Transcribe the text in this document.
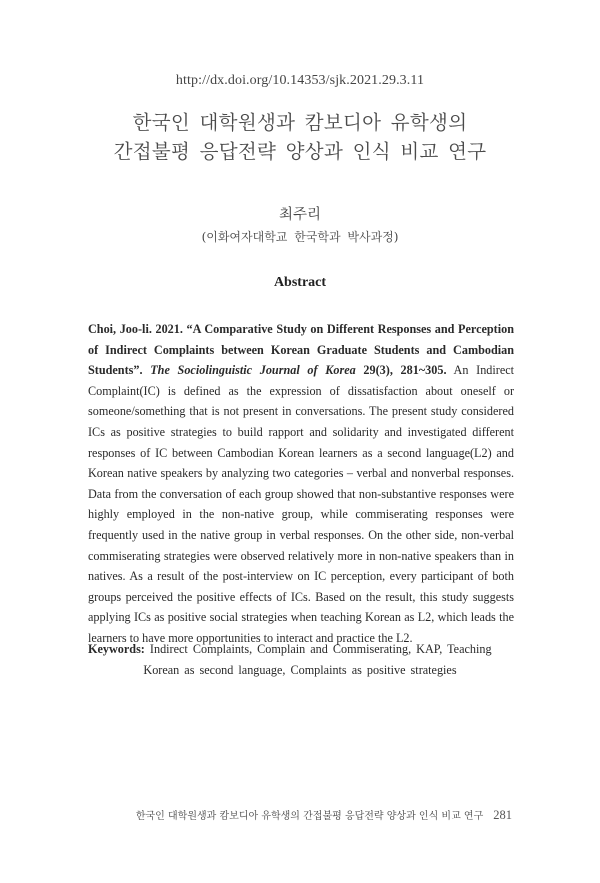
http://dx.doi.org/10.14353/sjk.2021.29.3.11
한국인 대학원생과 캄보디아 유학생의
간접불평 응답전략 양상과 인식 비교 연구
최주리
(이화여자대학교 한국학과 박사과정)
Abstract

Choi, Joo-li. 2021. “A Comparative Study on Different Responses and Perception of Indirect Complaints between Korean Graduate Students and Cambodian Students”. The Sociolinguistic Journal of Korea 29(3), 281~305. An Indirect Complaint(IC) is defined as the expression of dissatisfaction about oneself or someone/something that is not present in conversations. The present study considered ICs as positive strategies to build rapport and solidarity and investigated different responses of IC between Cambodian Korean learners as a second language(L2) and Korean native speakers by analyzing two categories – verbal and nonverbal responses. Data from the conversation of each group showed that non-substantive responses were highly employed in the non-native group, while commiserating responses were frequently used in the native group in verbal responses. On the other side, non-verbal commiserating strategies were observed relatively more in non-native speakers than in natives. As a result of the post-interview on IC perception, every participant of both groups perceived the positive effects of ICs. Based on the result, this study suggests applying ICs as positive social strategies when teaching Korean as L2, which leads the learners to have more opportunities to interact and practice the L2.

Keywords: Indirect Complaints, Complain and Commiserating, KAP, Teaching
Korean as second language, Complaints as positive strategies
한국인 대학원생과 캄보디아 유학생의 간접불평 응답전략 양상과 인식 비교 연구 281
